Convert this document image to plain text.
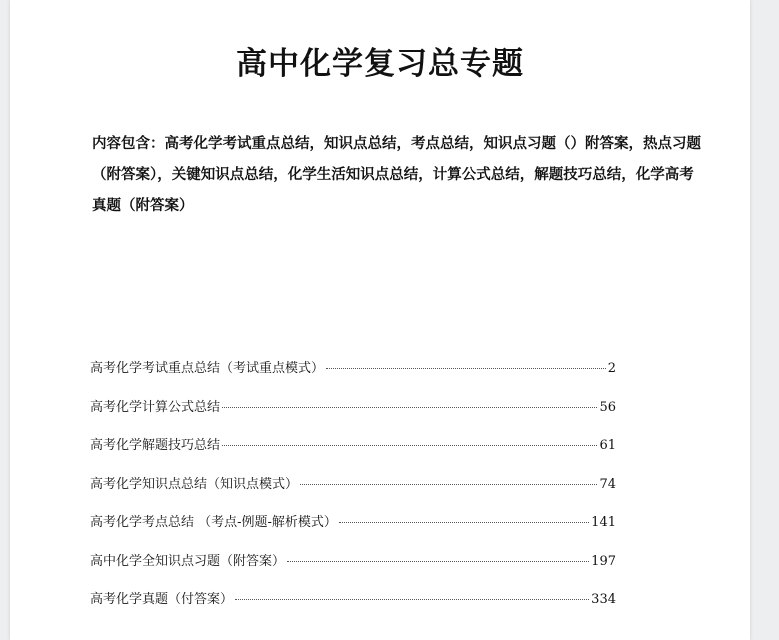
高中化学复习总专题
内容包含：高考化学考试重点总结，知识点总结，考点总结，知识点习题（）附答案，热点习题（附答案），关键知识点总结，化学生活知识点总结，计算公式总结，解题技巧总结，化学高考真题（附答案）
高考化学考试重点总结（考试重点模式）	2
高考化学计算公式总结	56
高考化学解题技巧总结	61
高考化学知识点总结（知识点模式）	74
高考化学考点总结 （考点-例题-解析模式）	141
高中化学全知识点习题（附答案）	197
高考化学真题（付答案）	334
